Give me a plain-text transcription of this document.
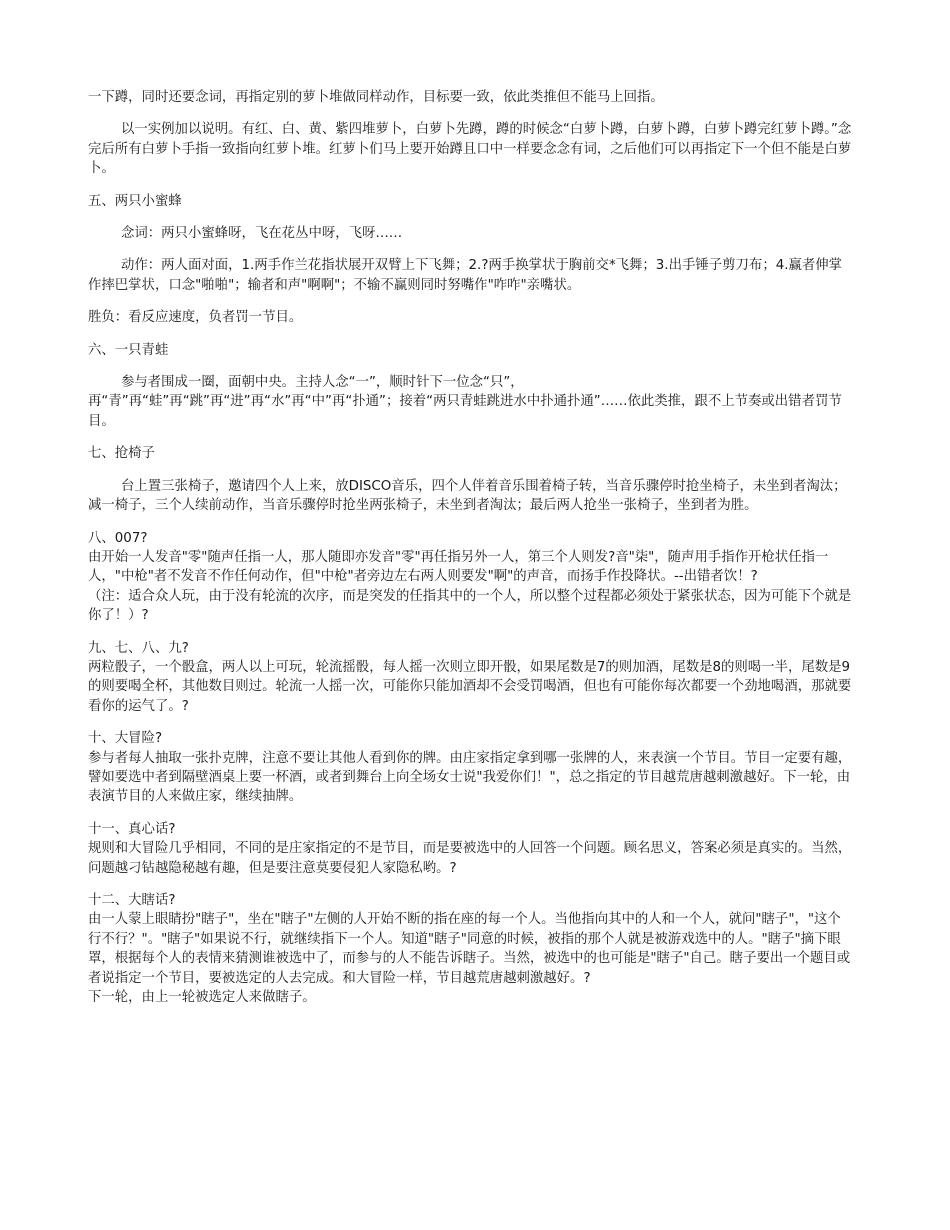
一下蹲，同时还要念词，再指定别的萝卜堆做同样动作，目标要一致，依此类推但不能马上回指。

以一实例加以说明。有红、白、黄、紫四堆萝卜，白萝卜先蹲，蹲的时候念“白萝卜蹲，白萝卜蹲，白萝卜蹲完红萝卜蹲。”念完后所有白萝卜手指一致指向红萝卜堆。红萝卜们马上要开始蹲且口中一样要念念有词，之后他们可以再指定下一个但不能是白萝卜。

五、两只小蜜蜂

念词：两只小蜜蜂呀，飞在花丛中呀，飞呀……

动作：两人面对面，1.两手作兰花指状展开双臂上下飞舞；2.?两手换掌状于胸前交*飞舞；3.出手锤子剪刀布；4.赢者伸掌作摔巴掌状，口念"啪啪"；输者和声"啊啊"；不输不赢则同时努嘴作"咋咋"亲嘴状。

胜负：看反应速度，负者罚一节目。

六、一只青蛙

参与者围成一圈，面朝中央。主持人念“一”，顺时针下一位念“只”，

再“青”再“蛙”再“跳”再“进”再“水”再“中”再“扑通”；接着“两只青蛙跳进水中扑通扑通”……依此类推，跟不上节奏或出错者罚节目。

七、抢椅子

台上置三张椅子，邀请四个人上来，放DISCO音乐，四个人伴着音乐围着椅子转，当音乐骤停时抢坐椅子，未坐到者淘汰；减一椅子，三个人续前动作，当音乐骤停时抢坐两张椅子，未坐到者淘汰；最后两人抢坐一张椅子，坐到者为胜。

八、007?

由开始一人发音"零"随声任指一人，那人随即亦发音"零"再任指另外一人，第三个人则发?音"柒"，随声用手指作开枪状任指一人，"中枪"者不发音不作任何动作，但"中枪"者旁边左右两人则要发"啊"的声音，而扬手作投降状。--出错者饮！?

（注：适合众人玩，由于没有轮流的次序，而是突发的任指其中的一个人，所以整个过程都必须处于紧张状态，因为可能下个就是你了！）?

九、七、八、九?

两粒骰子，一个骰盒，两人以上可玩，轮流摇骰，每人摇一次则立即开骰，如果尾数是7的则加酒，尾数是8的则喝一半，尾数是9的则要喝全杯，其他数目则过。轮流一人摇一次，可能你只能加酒却不会受罚喝酒，但也有可能你每次都要一个劲地喝酒，那就要看你的运气了。?

十、大冒险?

参与者每人抽取一张扑克牌，注意不要让其他人看到你的牌。由庄家指定拿到哪一张牌的人，来表演一个节目。节目一定要有趣，譬如要选中者到隔壁酒桌上要一杯酒，或者到舞台上向全场女士说"我爱你们！"，总之指定的节目越荒唐越刺激越好。下一轮，由表演节目的人来做庄家，继续抽牌。

十一、真心话?

规则和大冒险几乎相同，不同的是庄家指定的不是节目，而是要被选中的人回答一个问题。顾名思义，答案必须是真实的。当然，问题越刁钻越隐秘越有趣，但是要注意莫要侵犯人家隐私哟。?

十二、大瞎话?

由一人蒙上眼睛扮"瞎子"，坐在"瞎子"左侧的人开始不断的指在座的每一个人。当他指向其中的人和一个人，就问"瞎子"，"这个行不行？"。"瞎子"如果说不行，就继续指下一个人。知道"瞎子"同意的时候，被指的那个人就是被游戏选中的人。"瞎子"摘下眼罩，根据每个人的表情来猜测谁被选中了，而参与的人不能告诉瞎子。当然，被选中的也可能是"瞎子"自己。瞎子要出一个题目或者说指定一个节目，要被选定的人去完成。和大冒险一样，节目越荒唐越刺激越好。?

下一轮，由上一轮被选定人来做瞎子。
